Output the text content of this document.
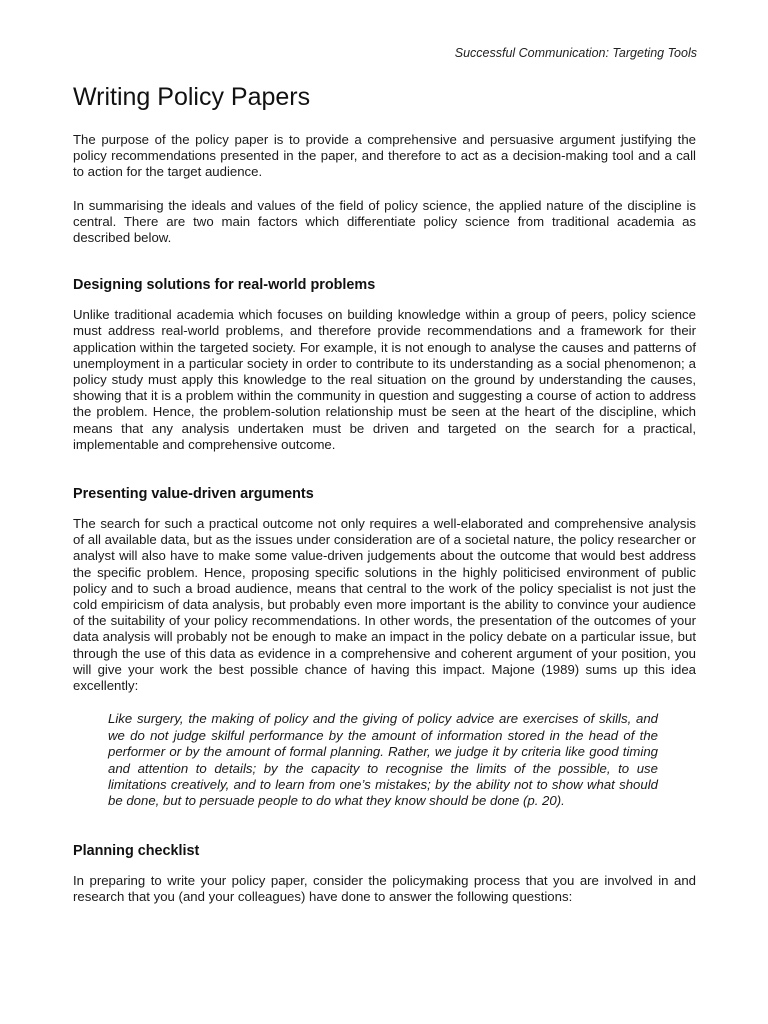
Successful Communication: Targeting Tools
Writing Policy Papers

The purpose of the policy paper is to provide a comprehensive and persuasive argument justifying the policy recommendations presented in the paper, and therefore to act as a decision-making tool and a call to action for the target audience.

In summarising the ideals and values of the field of policy science, the applied nature of the discipline is central. There are two main factors which differentiate policy science from traditional academia as described below.

Designing solutions for real-world problems

Unlike traditional academia which focuses on building knowledge within a group of peers, policy science must address real-world problems, and therefore provide recommendations and a framework for their application within the targeted society. For example, it is not enough to analyse the causes and patterns of unemployment in a particular society in order to contribute to its understanding as a social phenomenon; a policy study must apply this knowledge to the real situation on the ground by understanding the causes, showing that it is a problem within the community in question and suggesting a course of action to address the problem. Hence, the problem-solution relationship must be seen at the heart of the discipline, which means that any analysis undertaken must be driven and targeted on the search for a practical, implementable and comprehensive outcome.

Presenting value-driven arguments

The search for such a practical outcome not only requires a well-elaborated and comprehensive analysis of all available data, but as the issues under consideration are of a societal nature, the policy researcher or analyst will also have to make some value-driven judgements about the outcome that would best address the specific problem. Hence, proposing specific solutions in the highly politicised environment of public policy and to such a broad audience, means that central to the work of the policy specialist is not just the cold empiricism of data analysis, but probably even more important is the ability to convince your audience of the suitability of your policy recommendations. In other words, the presentation of the outcomes of your data analysis will probably not be enough to make an impact in the policy debate on a particular issue, but through the use of this data as evidence in a comprehensive and coherent argument of your position, you will give your work the best possible chance of having this impact. Majone (1989) sums up this idea excellently:

Like surgery, the making of policy and the giving of policy advice are exercises of skills, and we do not judge skilful performance by the amount of information stored in the head of the performer or by the amount of formal planning. Rather, we judge it by criteria like good timing and attention to details; by the capacity to recognise the limits of the possible, to use limitations creatively, and to learn from one’s mistakes; by the ability not to show what should be done, but to persuade people to do what they know should be done (p. 20).
Planning checklist

In preparing to write your policy paper, consider the policymaking process that you are involved in and research that you (and your colleagues) have done to answer the following questions:
